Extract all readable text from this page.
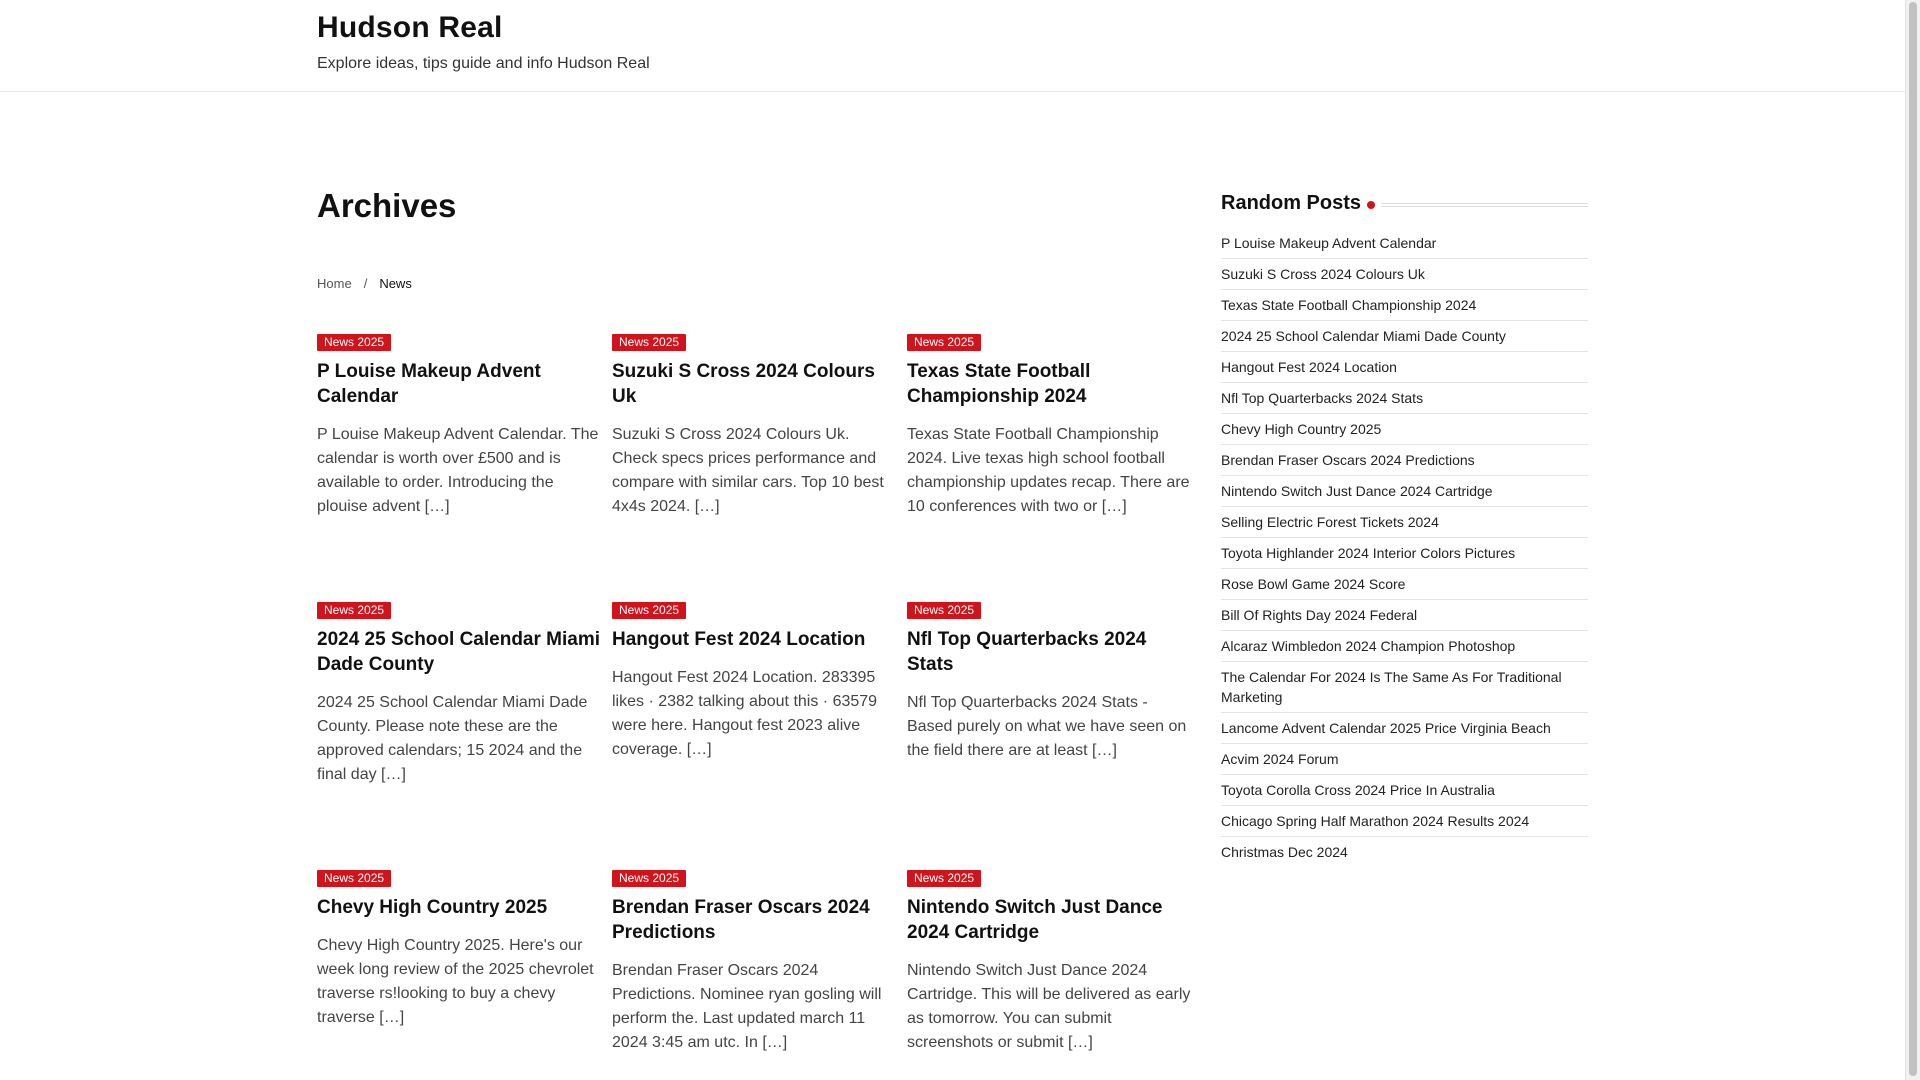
Hudson Real
Explore ideas, tips guide and info Hudson Real
Archives
Home / News
News 2025
P Louise Makeup Advent Calendar

P Louise Makeup Advent Calendar. The calendar is worth over £500 and is available to order. Introducing the plouise advent […]

News 2025
Suzuki S Cross 2024 Colours Uk

Suzuki S Cross 2024 Colours Uk. Check specs prices performance and compare with similar cars. Top 10 best 4x4s 2024. […]

News 2025
Texas State Football Championship 2024

Texas State Football Championship 2024. Live texas high school football championship updates recap. There are 10 conferences with two or […]

News 2025
2024 25 School Calendar Miami Dade County

2024 25 School Calendar Miami Dade County. Please note these are the approved calendars; 15 2024 and the final day […]

News 2025
Hangout Fest 2024 Location

Hangout Fest 2024 Location. 283395 likes · 2382 talking about this · 63579 were here. Hangout fest 2023 alive coverage. […]

News 2025
Nfl Top Quarterbacks 2024 Stats

Nfl Top Quarterbacks 2024 Stats - Based purely on what we have seen on the field there are at least […]

News 2025
Chevy High Country 2025

Chevy High Country 2025. Here's our week long review of the 2025 chevrolet traverse rs!looking to buy a chevy traverse […]

News 2025
Brendan Fraser Oscars 2024 Predictions

Brendan Fraser Oscars 2024 Predictions. Nominee ryan gosling will perform the. Last updated march 11 2024 3:45 am utc. In […]

News 2025
Nintendo Switch Just Dance 2024 Cartridge

Nintendo Switch Just Dance 2024 Cartridge. This will be delivered as early as tomorrow. You can submit screenshots or submit […]

Random Posts
P Louise Makeup Advent Calendar
Suzuki S Cross 2024 Colours Uk
Texas State Football Championship 2024
2024 25 School Calendar Miami Dade County
Hangout Fest 2024 Location
Nfl Top Quarterbacks 2024 Stats
Chevy High Country 2025
Brendan Fraser Oscars 2024 Predictions
Nintendo Switch Just Dance 2024 Cartridge
Selling Electric Forest Tickets 2024
Toyota Highlander 2024 Interior Colors Pictures
Rose Bowl Game 2024 Score
Bill Of Rights Day 2024 Federal
Alcaraz Wimbledon 2024 Champion Photoshop
The Calendar For 2024 Is The Same As For Traditional Marketing
Lancome Advent Calendar 2025 Price Virginia Beach
Acvim 2024 Forum
Toyota Corolla Cross 2024 Price In Australia
Chicago Spring Half Marathon 2024 Results 2024
Christmas Dec 2024
